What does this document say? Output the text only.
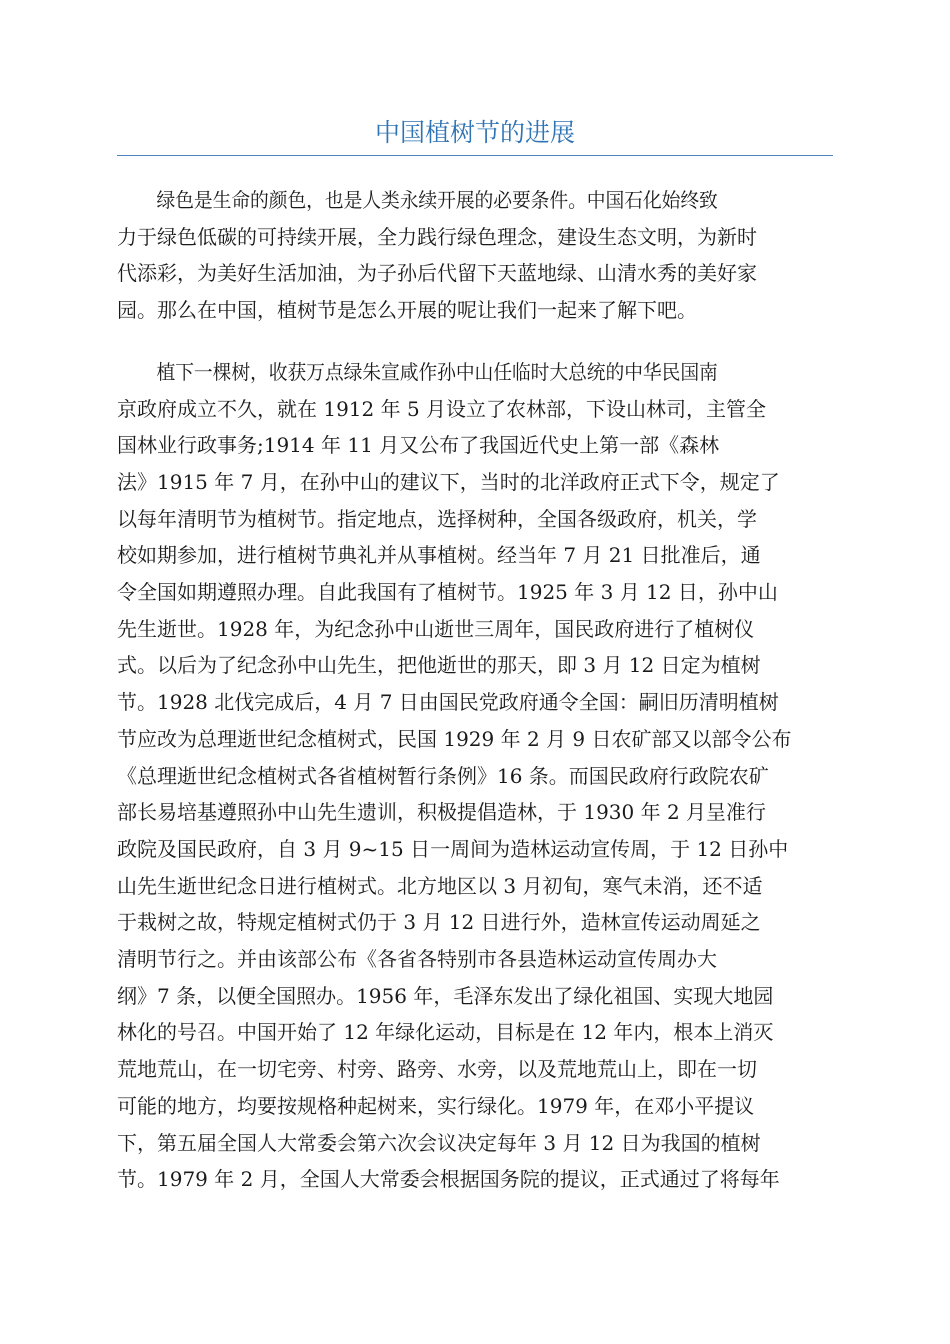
中国植树节的进展

绿色是生命的颜色，也是人类永续开展的必要条件。中国石化始终致
力于绿色低碳的可持续开展，全力践行绿色理念，建设生态文明，为新时
代添彩，为美好生活加油，为子孙后代留下天蓝地绿、山清水秀的美好家
园。那么在中国，植树节是怎么开展的呢让我们一起来了解下吧。

植下一棵树，收获万点绿朱宣咸作孙中山任临时大总统的中华民国南
京政府成立不久，就在 1912 年 5 月设立了农林部，下设山林司，主管全
国林业行政事务;1914 年 11 月又公布了我国近代史上第一部《森林
法》1915 年 7 月，在孙中山的建议下，当时的北洋政府正式下令，规定了
以每年清明节为植树节。指定地点，选择树种，全国各级政府，机关，学
校如期参加，进行植树节典礼并从事植树。经当年 7 月 21 日批准后，通
令全国如期遵照办理。自此我国有了植树节。1925 年 3 月 12 日，孙中山
先生逝世。1928 年，为纪念孙中山逝世三周年，国民政府进行了植树仪
式。以后为了纪念孙中山先生，把他逝世的那天，即 3 月 12 日定为植树
节。1928 北伐完成后，4 月 7 日由国民党政府通令全国：嗣旧历清明植树
节应改为总理逝世纪念植树式，民国 1929 年 2 月 9 日农矿部又以部令公布
《总理逝世纪念植树式各省植树暂行条例》16 条。而国民政府行政院农矿
部长易培基遵照孙中山先生遗训，积极提倡造林，于 1930 年 2 月呈准行
政院及国民政府，自 3 月 9~15 日一周间为造林运动宣传周，于 12 日孙中
山先生逝世纪念日进行植树式。北方地区以 3 月初旬，寒气未消，还不适
于栽树之故，特规定植树式仍于 3 月 12 日进行外，造林宣传运动周延之
清明节行之。并由该部公布《各省各特别市各县造林运动宣传周办大
纲》7 条，以便全国照办。1956 年，毛泽东发出了绿化祖国、实现大地园
林化的号召。中国开始了 12 年绿化运动，目标是在 12 年内，根本上消灭
荒地荒山，在一切宅旁、村旁、路旁、水旁，以及荒地荒山上，即在一切
可能的地方，均要按规格种起树来，实行绿化。1979 年，在邓小平提议
下，第五届全国人大常委会第六次会议决定每年 3 月 12 日为我国的植树
节。1979 年 2 月，全国人大常委会根据国务院的提议，正式通过了将每年
